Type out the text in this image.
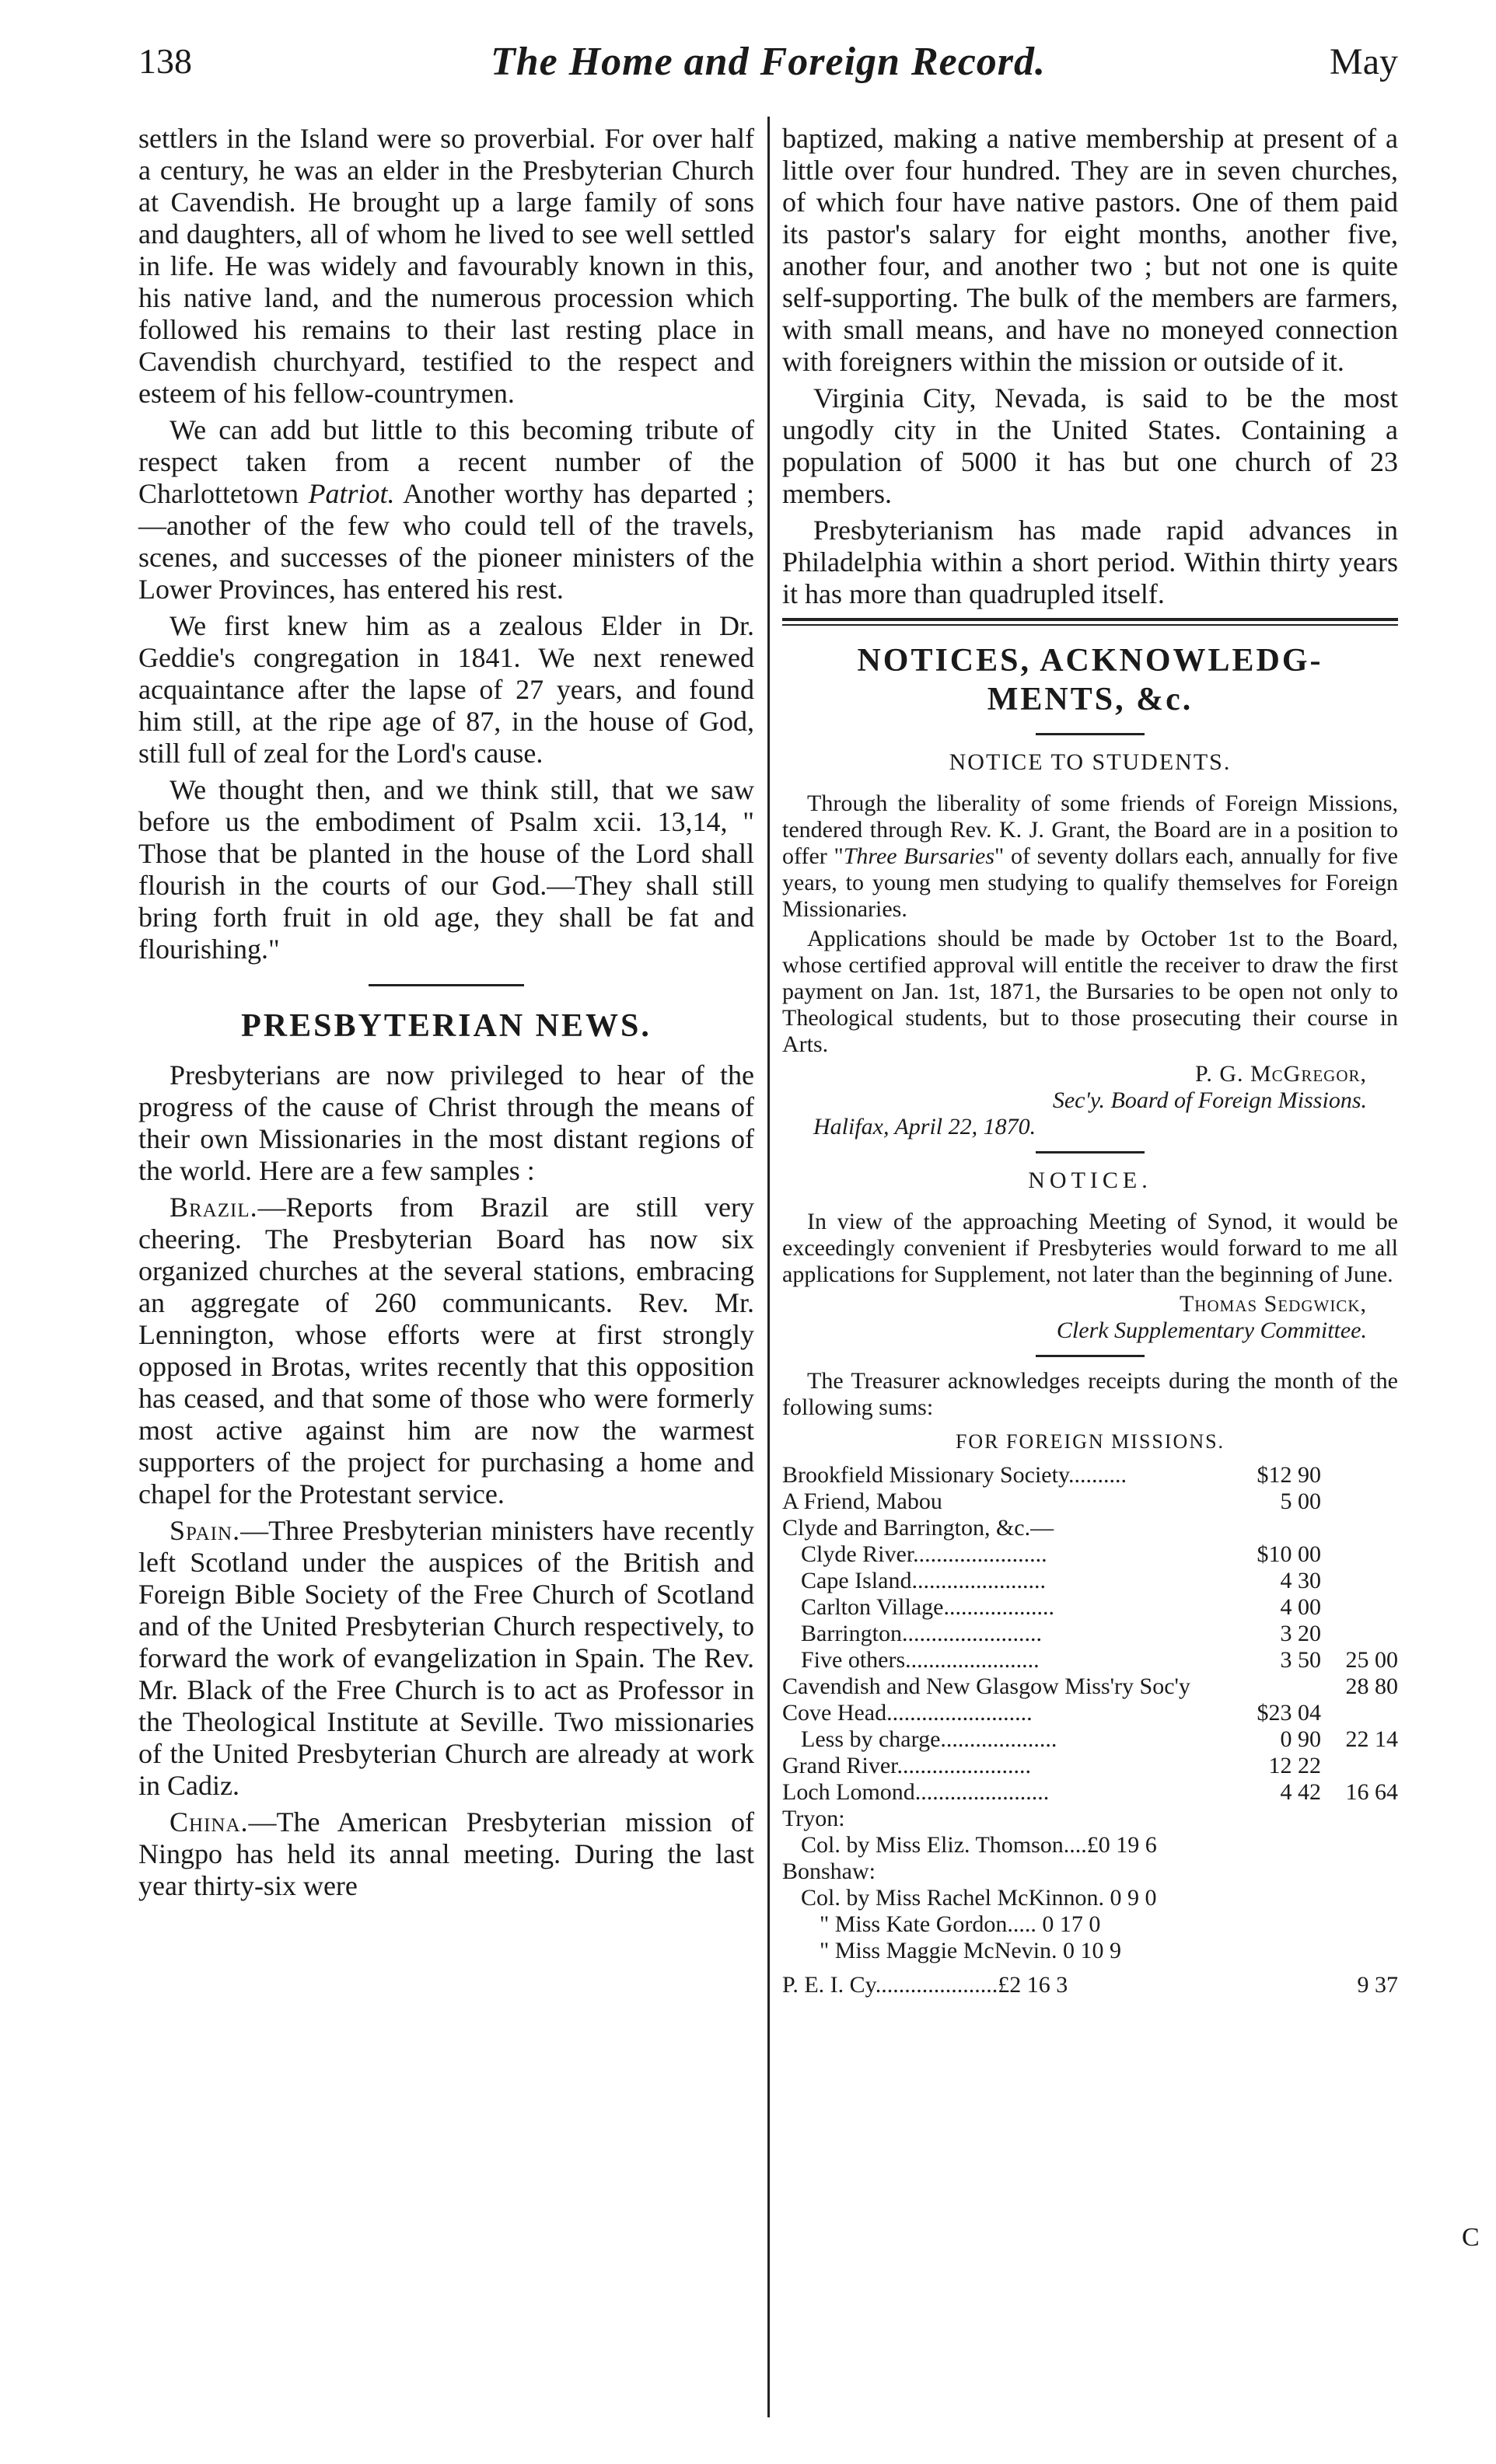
138	The Home and Foreign Record.	May

settlers in the Island were so proverbial. For over half a century, he was an elder in the Presbyterian Church at Cavendish. He brought up a large family of sons and daughters, all of whom he lived to see well settled in life. He was widely and favourably known in this, his native land, and the numerous procession which followed his remains to their last resting place in Cavendish churchyard, testified to the respect and esteem of his fellow-countrymen.

We can add but little to this becoming tribute of respect taken from a recent number of the Charlottetown Patriot. Another worthy has departed ;—another of the few who could tell of the travels, scenes, and successes of the pioneer ministers of the Lower Provinces, has entered his rest.

We first knew him as a zealous Elder in Dr. Geddie's congregation in 1841. We next renewed acquaintance after the lapse of 27 years, and found him still, at the ripe age of 87, in the house of God, still full of zeal for the Lord's cause.

We thought then, and we think still, that we saw before us the embodiment of Psalm xcii. 13,14, " Those that be planted in the house of the Lord shall flourish in the courts of our God.—They shall still bring forth fruit in old age, they shall be fat and flourishing."

PRESBYTERIAN NEWS.

Presbyterians are now privileged to hear of the progress of the cause of Christ through the means of their own Missionaries in the most distant regions of the world. Here are a few samples :

Brazil.—Reports from Brazil are still very cheering. The Presbyterian Board has now six organized churches at the several stations, embracing an aggregate of 260 communicants. Rev. Mr. Lennington, whose efforts were at first strongly opposed in Brotas, writes recently that this opposition has ceased, and that some of those who were formerly most active against him are now the warmest supporters of the project for purchasing a home and chapel for the Protestant service.

Spain.—Three Presbyterian ministers have recently left Scotland under the auspices of the British and Foreign Bible Society of the Free Church of Scotland and of the United Presbyterian Church respectively, to forward the work of evangelization in Spain. The Rev. Mr. Black of the Free Church is to act as Professor in the Theological Institute at Seville. Two missionaries of the United Presbyterian Church are already at work in Cadiz.

China.—The American Presbyterian mission of Ningpo has held its annal meeting. During the last year thirty-six were

baptized, making a native membership at present of a little over four hundred. They are in seven churches, of which four have native pastors. One of them paid its pastor's salary for eight months, another five, another four, and another two ; but not one is quite self-supporting. The bulk of the members are farmers, with small means, and have no moneyed connection with foreigners within the mission or outside of it.

Virginia City, Nevada, is said to be the most ungodly city in the United States. Containing a population of 5000 it has but one church of 23 members.

Presbyterianism has made rapid advances in Philadelphia within a short period. Within thirty years it has more than quadrupled itself.

NOTICES, ACKNOWLEDG-
MENTS, &c.
NOTICE TO STUDENTS.

Through the liberality of some friends of Foreign Missions, tendered through Rev. K. J. Grant, the Board are in a position to offer "Three Bursaries" of seventy dollars each, annually for five years, to young men studying to qualify themselves for Foreign Missionaries.

Applications should be made by October 1st to the Board, whose certified approval will entitle the receiver to draw the first payment on Jan. 1st, 1871, the Bursaries to be open not only to Theological students, but to those prosecuting their course in Arts.

P. G. McGregor,
Sec'y. Board of Foreign Missions.
Halifax, April 22, 1870.
NOTICE.

In view of the approaching Meeting of Synod, it would be exceedingly convenient if Presbyteries would forward to me all applications for Supplement, not later than the beginning of June.

Thomas Sedgwick,
Clerk Supplementary Committee.

The Treasurer acknowledges receipts during the month of the following sums:

FOR FOREIGN MISSIONS.
Brookfield Missionary Society..........	$12 90	
A Friend, Mabou	5 00	
Clyde and Barrington, &c.—		
Clyde River.......................	$10 00	
Cape Island.......................	4 30	
Carlton Village...................	4 00	
Barrington........................	3 20	
Five others.......................	3 50	25 00
Cavendish and New Glasgow Miss'ry Soc'y		28 80
Cove Head.........................	$23 04	
Less by charge....................	0 90	22 14
Grand River.......................	12 22	
Loch Lomond.......................	4 42	16 64
Tryon:		
Col. by Miss Eliz. Thomson....£0 19 6		
Bonshaw:		
Col. by Miss Rachel McKinnon. 0 9 0		
" Miss Kate Gordon..... 0 17 0		
" Miss Maggie McNevin. 0 10 9		
P. E. I. Cy.....................£2 16 3		9 37
C
